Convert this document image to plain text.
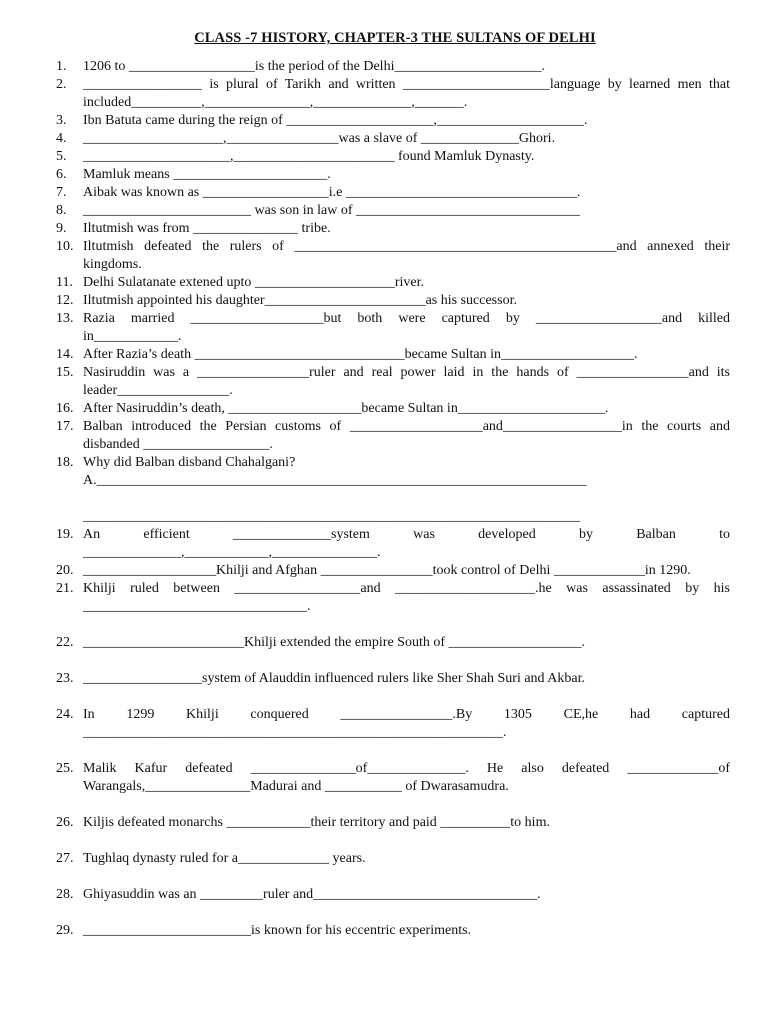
CLASS -7 HISTORY, CHAPTER-3 THE SULTANS OF DELHI
1.	1206 to __________________is the period of the Delhi_____________________.
2.	_________________ is plural of Tarikh and written _____________________language by learned men that included__________,_______________,______________,_______.
3.	Ibn Batuta came during the reign of _____________________,_____________________.
4.	____________________,________________was a slave of ______________Ghori.
5.	_____________________,_______________________ found Mamluk Dynasty.
6.	Mamluk means ______________________.
7.	Aibak was known as __________________i.e _________________________________.
8.	________________________ was son in law of ________________________________
9.	Iltutmish was from _______________ tribe.
10. Iltutmish defeated the rulers of ______________________________________________and annexed their kingdoms.
11. Delhi Sulatanate extened upto ____________________river.
12. Iltutmish appointed his daughter_______________________as his successor.
13. Razia married ___________________but both were captured by __________________and killed in____________.
14. After Razia’s death ______________________________became Sultan in___________________.
15. Nasiruddin was a ________________ruler and real power laid in the hands of ________________and its leader________________.
16. After Nasiruddin’s death, ___________________became Sultan in_____________________.
17. Balban introduced the Persian customs of ___________________and_________________in the courts and disbanded __________________.
18. Why did Balban disband Chahalgani?
A.______________________________________________________________________
_______________________________________________________________________
19. An efficient ______________system was developed by Balban to ______________,____________,_______________.
20. ___________________Khilji and Afghan ________________took control of Delhi _____________in 1290.
21. Khilji ruled between __________________and ____________________.he was assassinated by his ________________________________.
22. _______________________Khilji extended the empire South of ___________________.
23. _________________system of Alauddin influenced rulers like Sher Shah Suri and Akbar.
24. In 1299 Khilji conquered ________________.By 1305 CE,he had captured ____________________________________________________________.
25. Malik Kafur defeated _______________of______________. He also defeated _____________of Warangals,_______________Madurai and ___________ of Dwarasamudra.
26. Kiljis defeated monarchs ____________their territory and paid __________to him.
27. Tughlaq dynasty ruled for a_____________ years.
28. Ghiyasuddin was an _________ruler and________________________________.
29. ________________________is known for his eccentric experiments.
